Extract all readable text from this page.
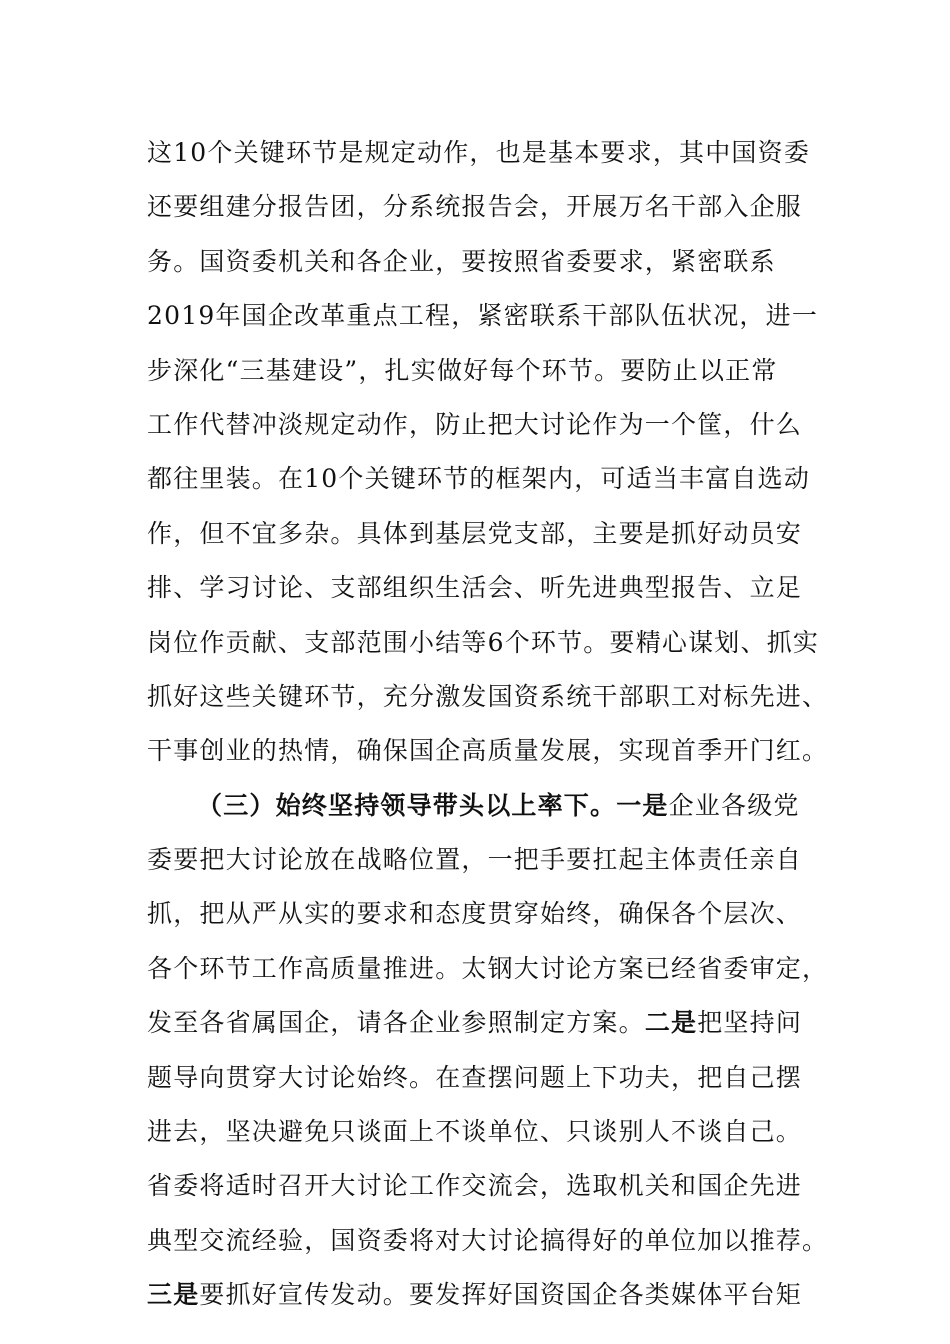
这10个关键环节是规定动作，也是基本要求，其中国资委
还要组建分报告团，分系统报告会，开展万名干部入企服
务。国资委机关和各企业，要按照省委要求，紧密联系
2019年国企改革重点工程，紧密联系干部队伍状况，进一
步深化“三基建设”，扎实做好每个环节。要防止以正常
工作代替冲淡规定动作，防止把大讨论作为一个筐，什么
都往里装。在10个关键环节的框架内，可适当丰富自选动
作，但不宜多杂。具体到基层党支部，主要是抓好动员安
排、学习讨论、支部组织生活会、听先进典型报告、立足
岗位作贡献、支部范围小结等6个环节。要精心谋划、抓实
抓好这些关键环节，充分激发国资系统干部职工对标先进、
干事创业的热情，确保国企高质量发展，实现首季开门红。
（三）始终坚持领导带头以上率下。一是企业各级党
委要把大讨论放在战略位置，一把手要扛起主体责任亲自
抓，把从严从实的要求和态度贯穿始终，确保各个层次、
各个环节工作高质量推进。太钢大讨论方案已经省委审定，
发至各省属国企，请各企业参照制定方案。二是把坚持问
题导向贯穿大讨论始终。在查摆问题上下功夫，把自己摆
进去，坚决避免只谈面上不谈单位、只谈别人不谈自己。
省委将适时召开大讨论工作交流会，选取机关和国企先进
典型交流经验，国资委将对大讨论搞得好的单位加以推荐。
三是要抓好宣传发动。要发挥好国资国企各类媒体平台矩
